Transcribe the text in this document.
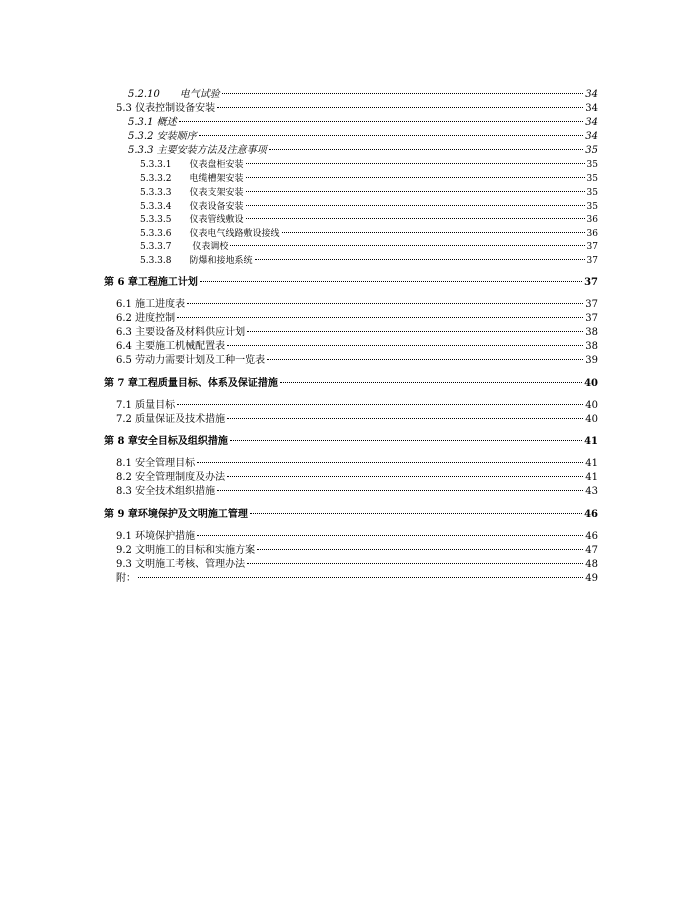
5.2.10　　电气试验	34
5.3 仪表控制设备安装	34
5.3.1 概述	34
5.3.2 安装顺序	34
5.3.3 主要安装方法及注意事项	35
5.3.3.1　　仪表盘柜安装	35
5.3.3.2　　电缆槽架安装	35
5.3.3.3　　仪表支架安装	35
5.3.3.4　　仪表设备安装	35
5.3.3.5　　仪表管线敷设	36
5.3.3.6　　仪表电气线路敷设接线	36
5.3.3.7　　 仪表调校	37
5.3.3.8　　防爆和接地系统	37
第 6 章工程施工计划	37
6.1 施工进度表	37
6.2 进度控制	37
6.3 主要设备及材料供应计划	38
6.4 主要施工机械配置表	38
6.5 劳动力需要计划及工种一览表	39
第 7 章工程质量目标、体系及保证措施	40
7.1 质量目标	40
7.2 质量保证及技术措施	40
第 8 章安全目标及组织措施	41
8.1 安全管理目标	41
8.2 安全管理制度及办法	41
8.3 安全技术组织措施	43
第 9 章环境保护及文明施工管理	46
9.1 环境保护措施	46
9.2 文明施工的目标和实施方案	47
9.3 文明施工考核、管理办法	48
附：	49
